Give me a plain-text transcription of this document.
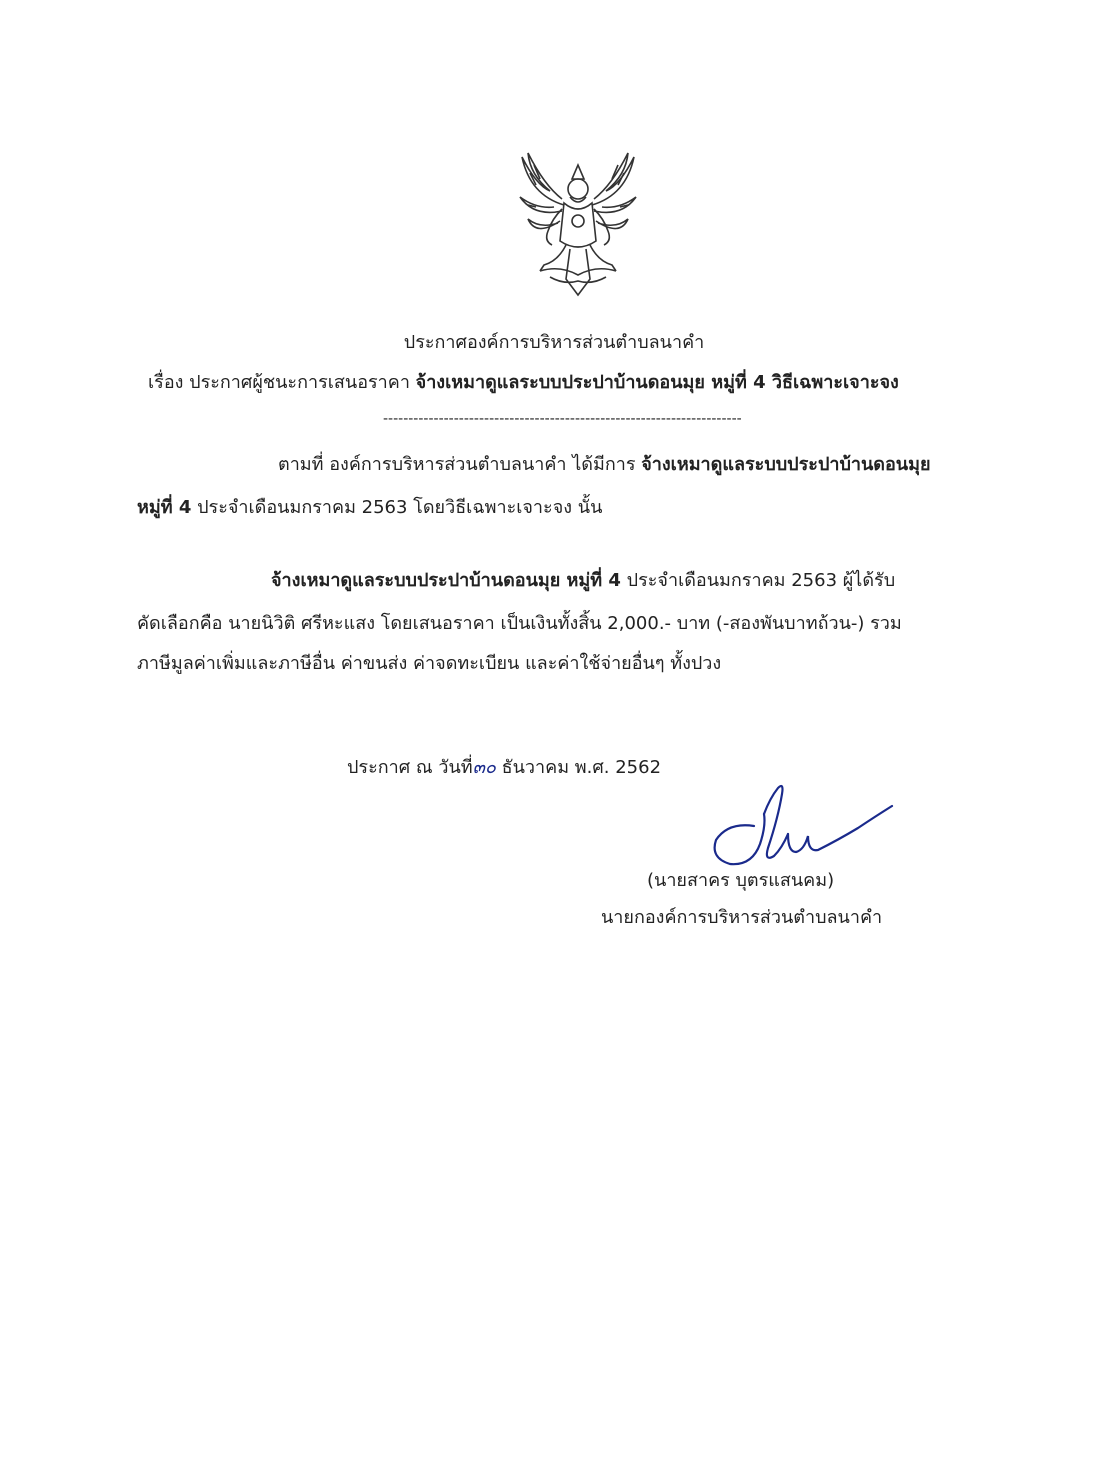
ประกาศองค์การบริหารส่วนตำบลนาคำ
เรื่อง ประกาศผู้ชนะการเสนอราคา จ้างเหมาดูแลระบบประปาบ้านดอนมุย หมู่ที่ 4 วิธีเฉพาะเจาะจง
-----------------------------------------------------------------------
ตามที่ องค์การบริหารส่วนตำบลนาคำ ได้มีการ จ้างเหมาดูแลระบบประปาบ้านดอนมุย
หมู่ที่ 4 ประจำเดือนมกราคม 2563 โดยวิธีเฉพาะเจาะจง นั้น
จ้างเหมาดูแลระบบประปาบ้านดอนมุย หมู่ที่ 4 ประจำเดือนมกราคม 2563 ผู้ได้รับ
คัดเลือกคือ นายนิวิติ ศรีหะแสง โดยเสนอราคา เป็นเงินทั้งสิ้น 2,000.- บาท (-สองพันบาทถ้วน-) รวม
ภาษีมูลค่าเพิ่มและภาษีอื่น ค่าขนส่ง ค่าจดทะเบียน และค่าใช้จ่ายอื่นๆ ทั้งปวง
ประกาศ ณ วันที่๓๐ ธันวาคม พ.ศ. 2562
(นายสาคร บุตรแสนคม)
นายกองค์การบริหารส่วนตำบลนาคำ
